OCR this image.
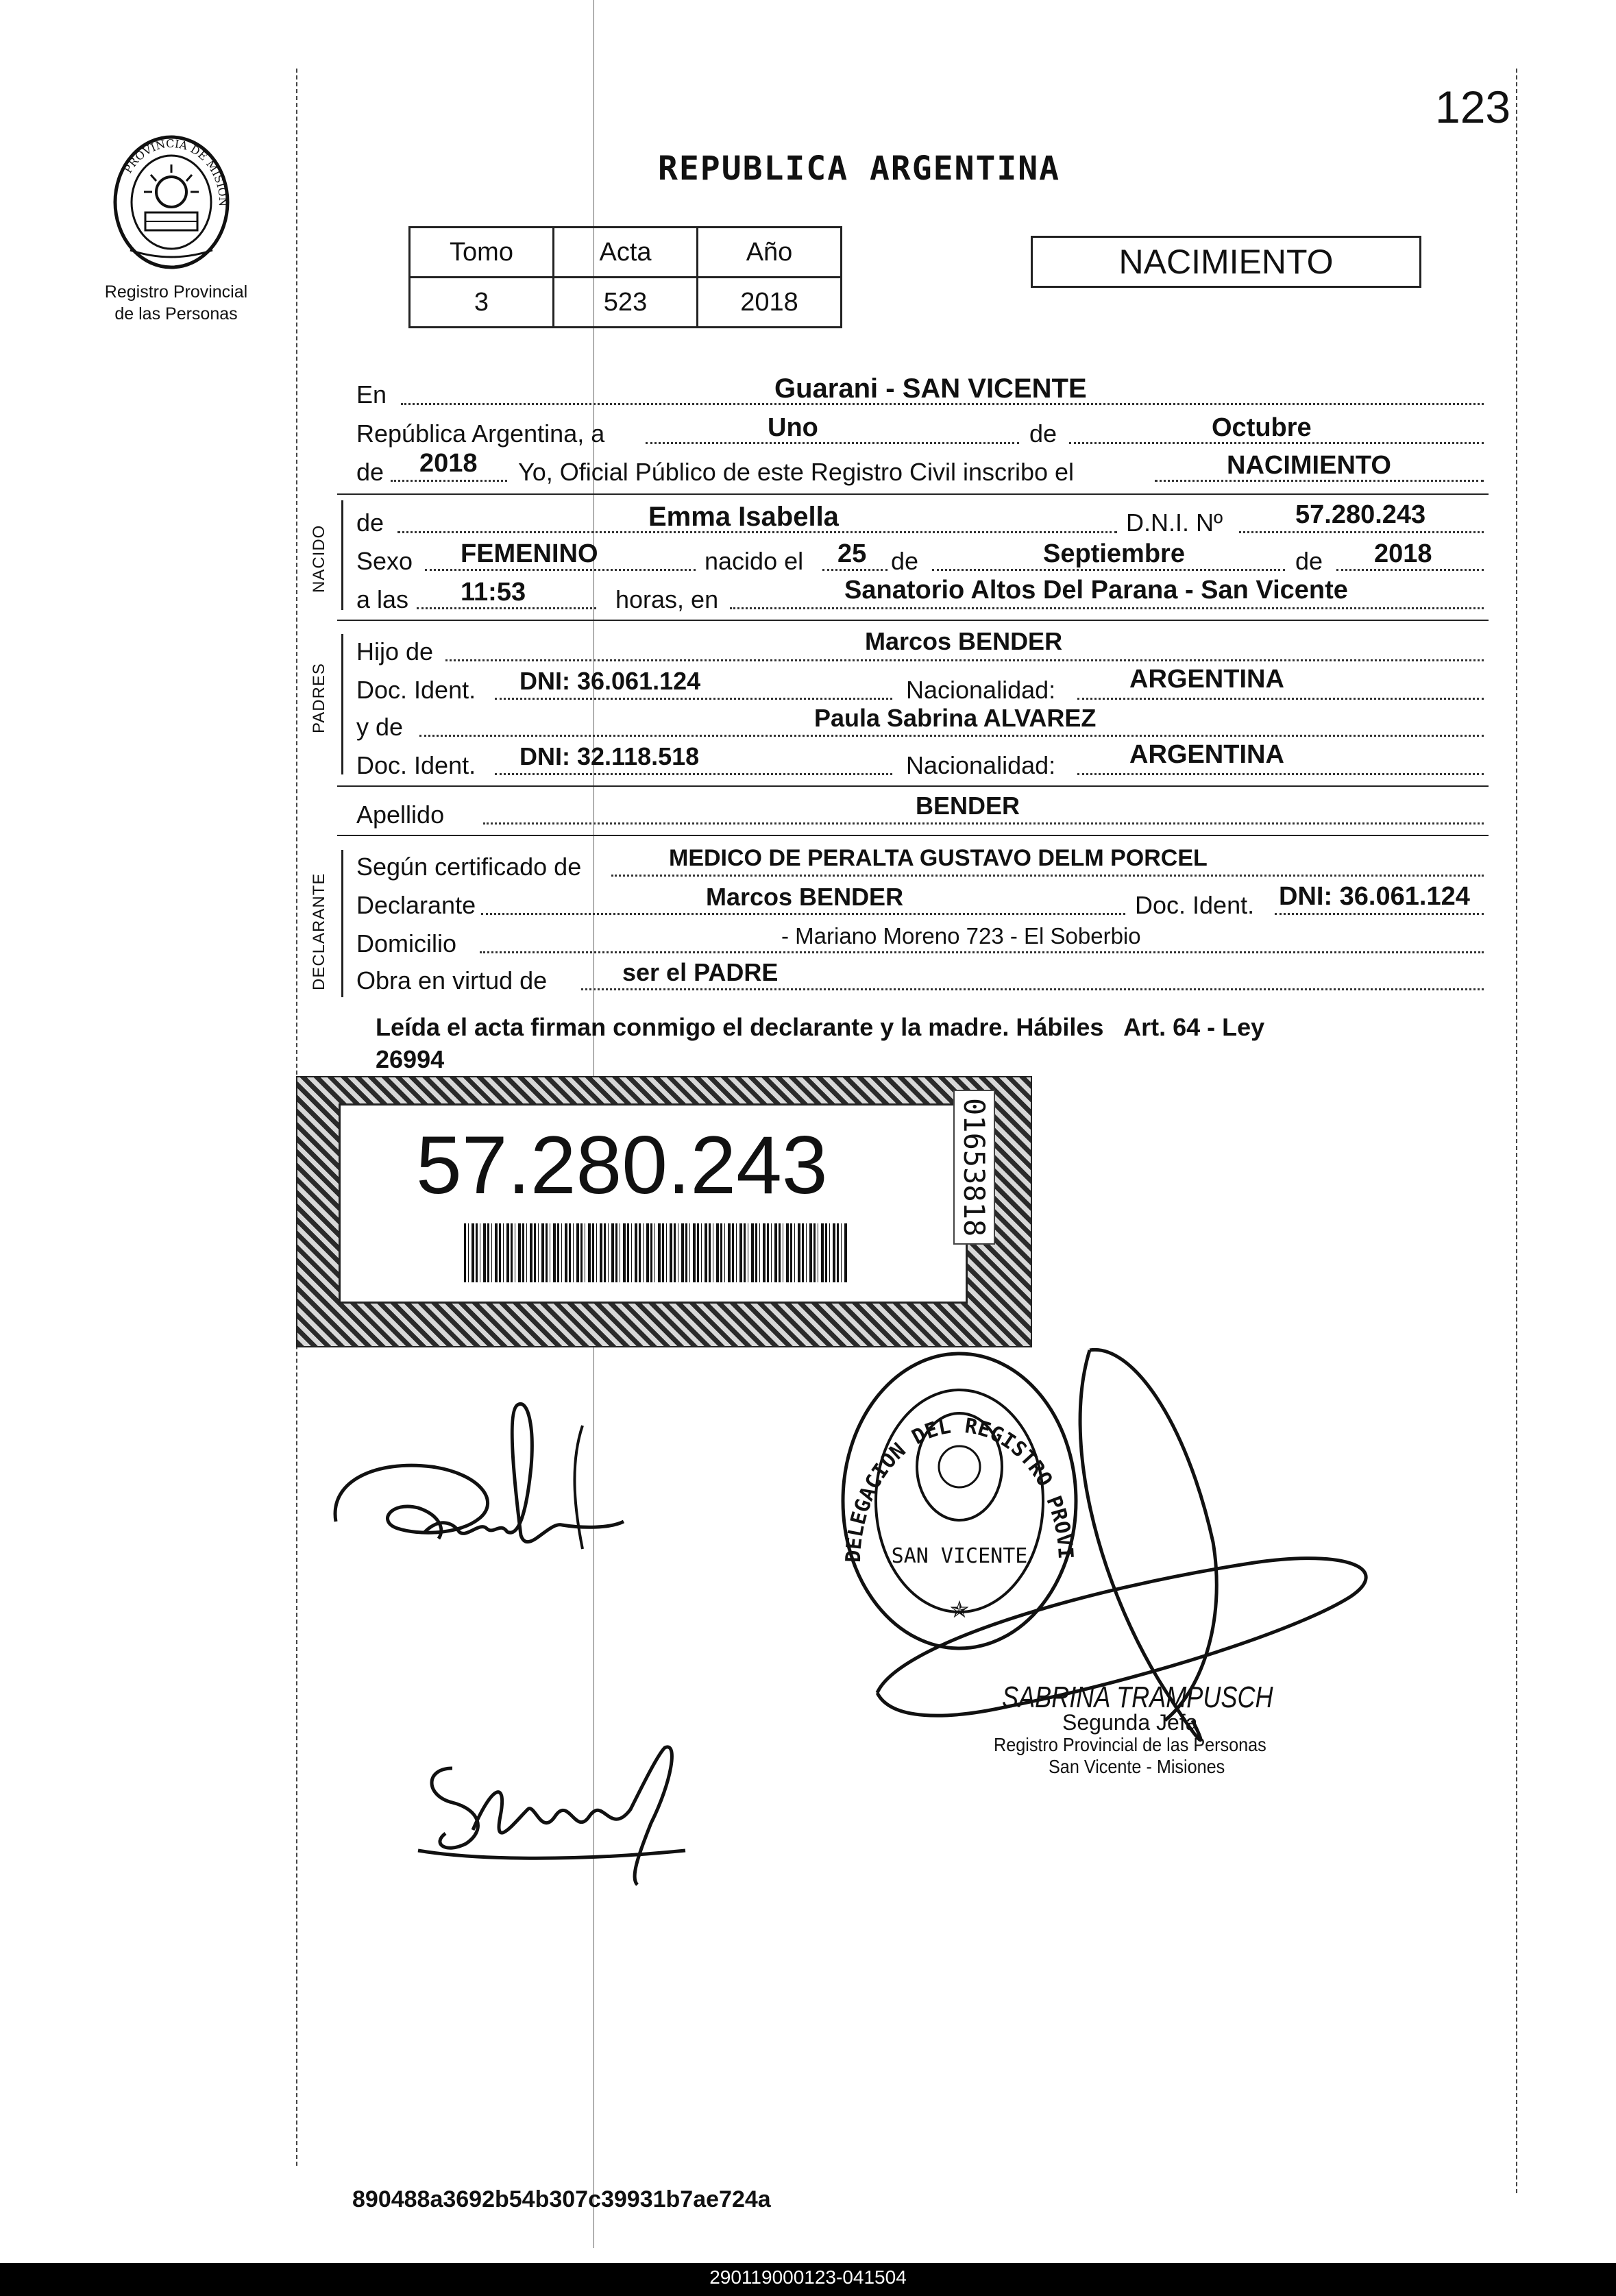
123
PROVINCIA DE MISION
Registro Provincial
de las Personas
REPUBLICA ARGENTINA
Tomo	Acta	Año
3	523	2018
NACIMIENTO
En	Guarani - SAN VICENTE
República Argentina, a	Uno	de	Octubre
de 2018 Yo, Oficial Público de este Registro Civil inscribo el	NACIMIENTO
NACIDO
de	Emma Isabella	D.N.I. Nº	57.280.243
Sexo FEMENINO	nacido el 25 de	Septiembre	de 2018
a las 11:53	horas, en	Sanatorio Altos Del Parana - San Vicente
PADRES
Hijo de	Marcos BENDER
Doc. Ident. DNI: 36.061.124	Nacionalidad:	ARGENTINA
y de	Paula Sabrina ALVAREZ
Doc. Ident. DNI: 32.118.518	Nacionalidad:	ARGENTINA
Apellido	BENDER
DECLARANTE
Según certificado de	MEDICO DE PERALTA GUSTAVO DELM PORCEL
Declarante	Marcos BENDER	Doc. Ident. DNI: 36.061.124
Domicilio	- Mariano Moreno 723 - El Soberbio
Obra en virtud de	ser el PADRE
Leída el acta firman conmigo el declarante y la madre. Hábiles   Art. 64 - Ley
26994
57.280.243	01653818
DELEGACION DEL REGISTRO PROVI
SAN VICENTE
✯
SABRINA TRAMPUSCH
Segunda Jefa
Registro Provincial de las Personas
San Vicente - Misiones
890488a3692b54b307c39931b7ae724a
290119000123-041504
